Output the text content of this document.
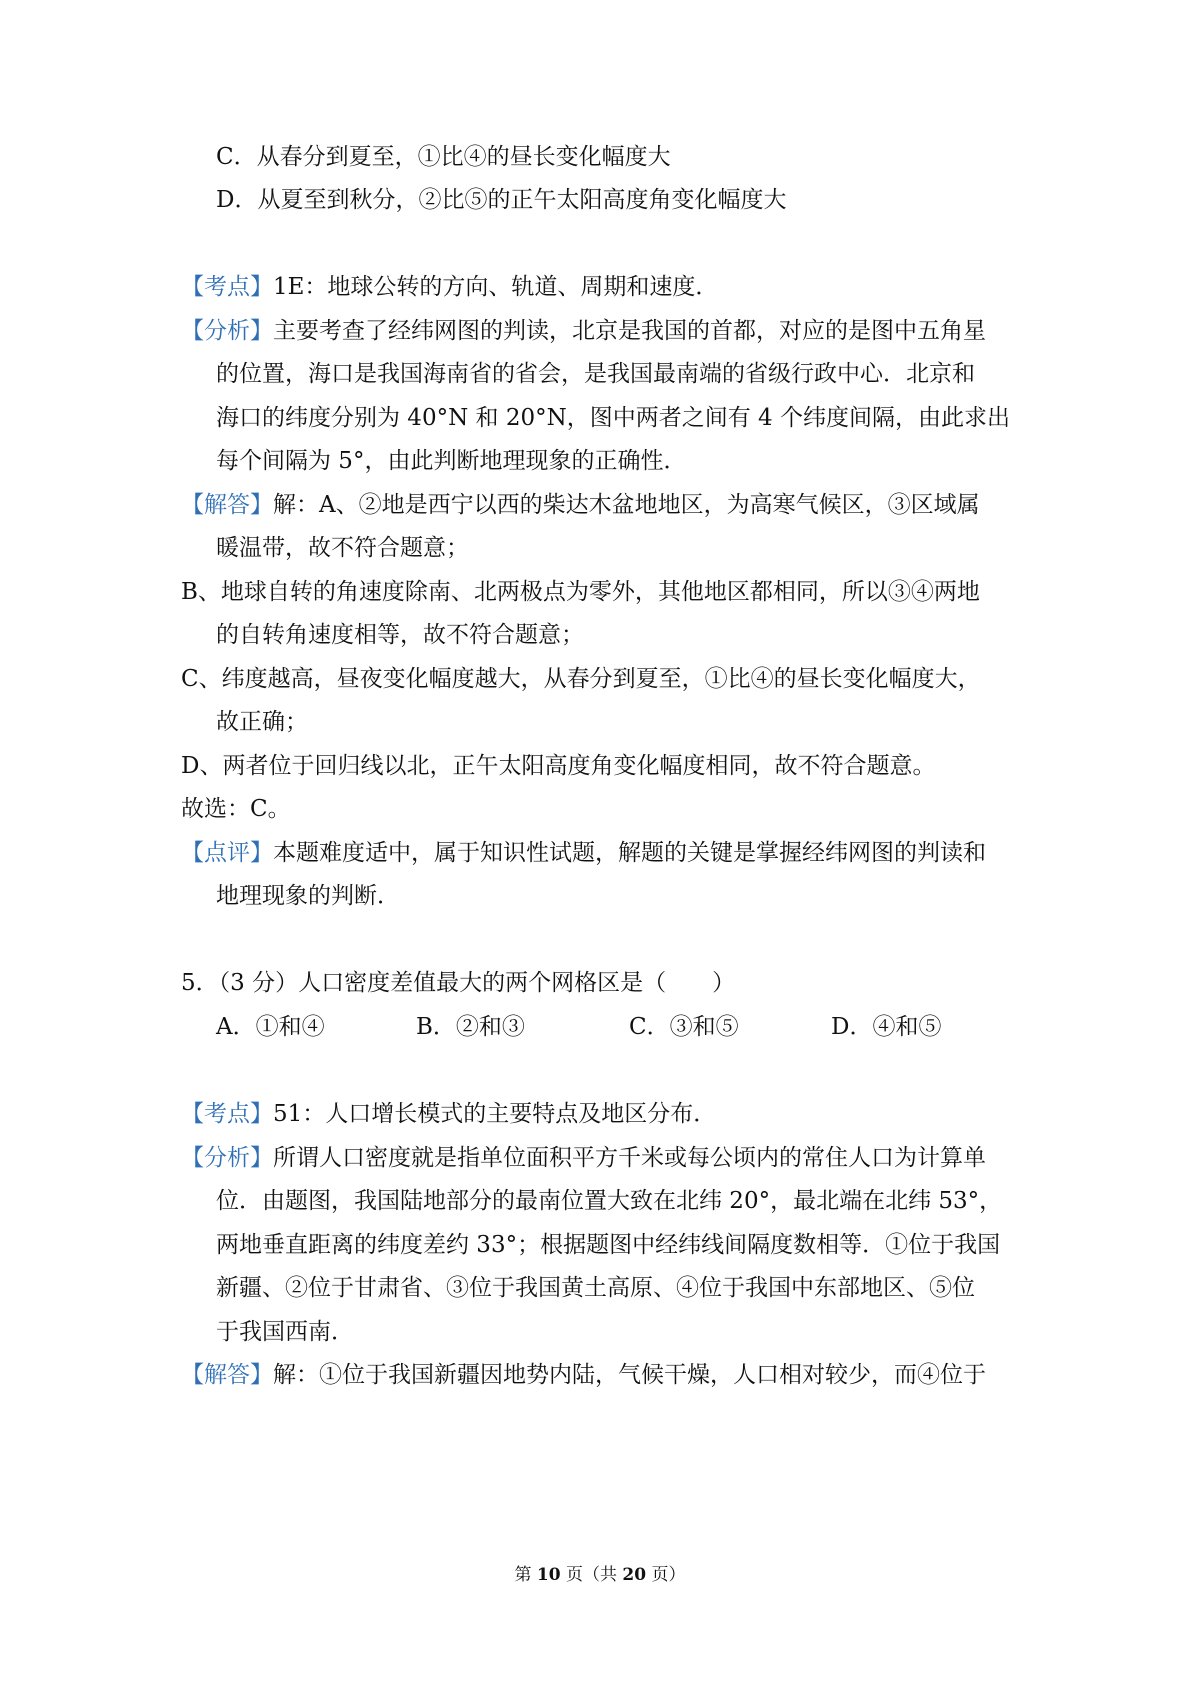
C．从春分到夏至，①比④的昼长变化幅度大
D．从夏至到秋分，②比⑤的正午太阳高度角变化幅度大
【考点】1E：地球公转的方向、轨道、周期和速度．
【分析】主要考查了经纬网图的判读，北京是我国的首都，对应的是图中五角星
的位置，海口是我国海南省的省会，是我国最南端的省级行政中心．北京和
海口的纬度分别为 40°N 和 20°N，图中两者之间有 4 个纬度间隔，由此求出
每个间隔为 5°，由此判断地理现象的正确性．
【解答】解：A、②地是西宁以西的柴达木盆地地区，为高寒气候区，③区域属
暖温带，故不符合题意；
B、地球自转的角速度除南、北两极点为零外，其他地区都相同，所以③④两地
的自转角速度相等，故不符合题意；
C、纬度越高，昼夜变化幅度越大，从春分到夏至，①比④的昼长变化幅度大，
故正确；
D、两者位于回归线以北，正午太阳高度角变化幅度相同，故不符合题意。
故选：C。
【点评】本题难度适中，属于知识性试题，解题的关键是掌握经纬网图的判读和
地理现象的判断．
5．（3 分）人口密度差值最大的两个网格区是（　　）
A．①和④	B．②和③	C．③和⑤	D．④和⑤
【考点】51：人口增长模式的主要特点及地区分布．
【分析】所谓人口密度就是指单位面积平方千米或每公顷内的常住人口为计算单
位．由题图，我国陆地部分的最南位置大致在北纬 20°，最北端在北纬 53°，
两地垂直距离的纬度差约 33°；根据题图中经纬线间隔度数相等．①位于我国
新疆、②位于甘肃省、③位于我国黄土高原、④位于我国中东部地区、⑤位
于我国西南．
【解答】解：①位于我国新疆因地势内陆，气候干燥，人口相对较少，而④位于
第 10 页（共 20 页）
